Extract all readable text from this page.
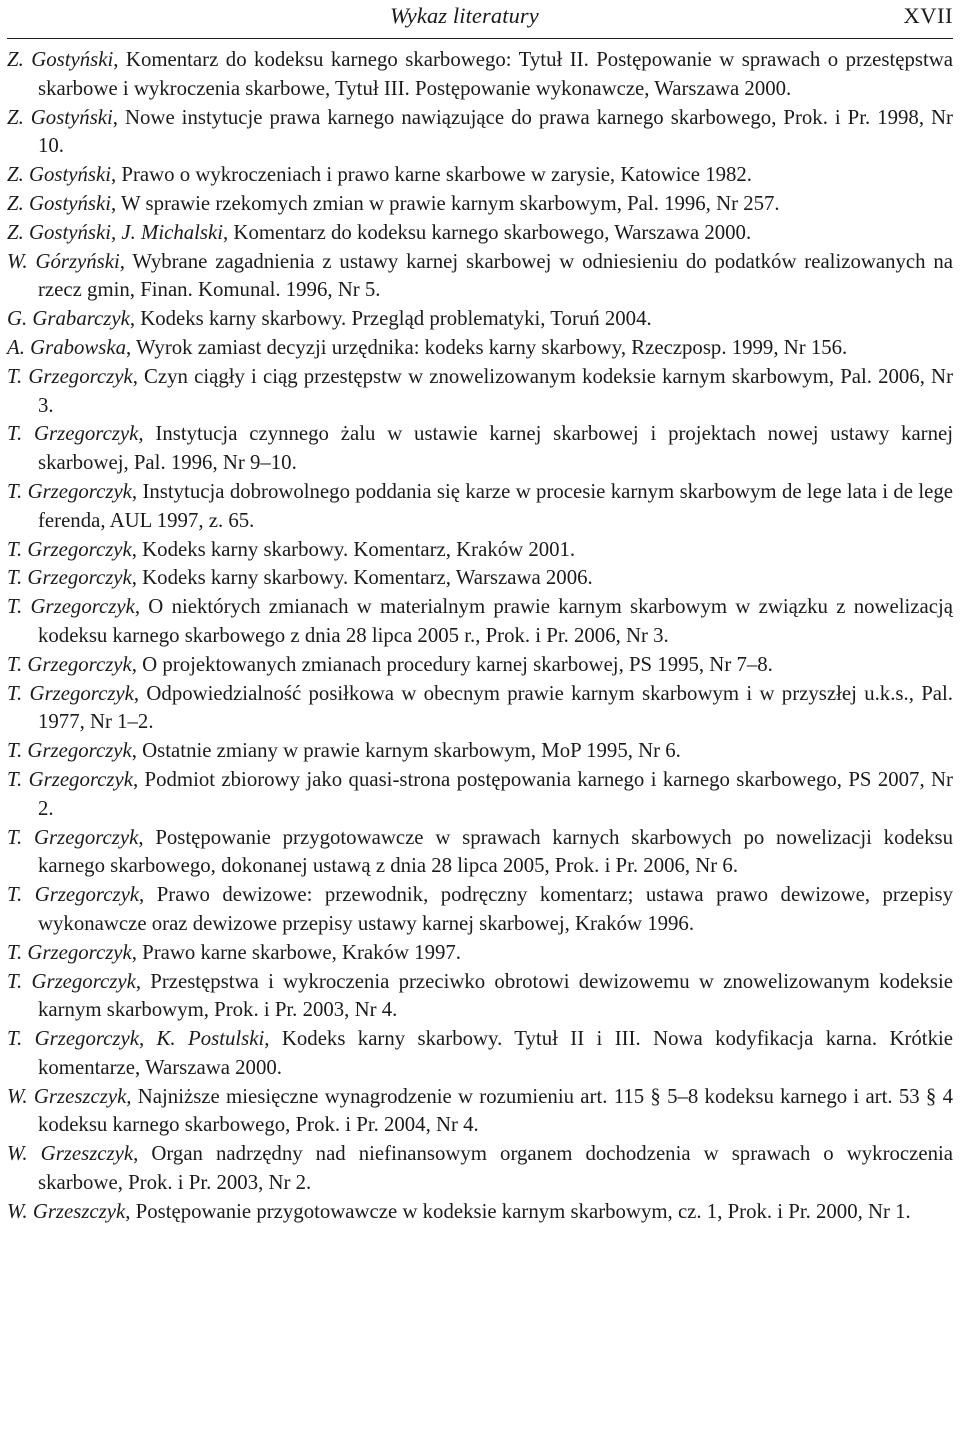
Wykaz literatury	XVII
Z. Gostyński, Komentarz do kodeksu karnego skarbowego: Tytuł II. Postępowanie w sprawach o przestępstwa skarbowe i wykroczenia skarbowe, Tytuł III. Postępowanie wykonawcze, Warszawa 2000.
Z. Gostyński, Nowe instytucje prawa karnego nawiązujące do prawa karnego skarbowego, Prok. i Pr. 1998, Nr 10.
Z. Gostyński, Prawo o wykroczeniach i prawo karne skarbowe w zarysie, Katowice 1982.
Z. Gostyński, W sprawie rzekomych zmian w prawie karnym skarbowym, Pal. 1996, Nr 257.
Z. Gostyński, J. Michalski, Komentarz do kodeksu karnego skarbowego, Warszawa 2000.
W. Górzyński, Wybrane zagadnienia z ustawy karnej skarbowej w odniesieniu do podatków realizowanych na rzecz gmin, Finan. Komunal. 1996, Nr 5.
G. Grabarczyk, Kodeks karny skarbowy. Przegląd problematyki, Toruń 2004.
A. Grabowska, Wyrok zamiast decyzji urzędnika: kodeks karny skarbowy, Rzeczposp. 1999, Nr 156.
T. Grzegorczyk, Czyn ciągły i ciąg przestępstw w znowelizowanym kodeksie karnym skarbowym, Pal. 2006, Nr 3.
T. Grzegorczyk, Instytucja czynnego żalu w ustawie karnej skarbowej i projektach nowej ustawy karnej skarbowej, Pal. 1996, Nr 9–10.
T. Grzegorczyk, Instytucja dobrowolnego poddania się karze w procesie karnym skarbowym de lege lata i de lege ferenda, AUL 1997, z. 65.
T. Grzegorczyk, Kodeks karny skarbowy. Komentarz, Kraków 2001.
T. Grzegorczyk, Kodeks karny skarbowy. Komentarz, Warszawa 2006.
T. Grzegorczyk, O niektórych zmianach w materialnym prawie karnym skarbowym w związku z nowelizacją kodeksu karnego skarbowego z dnia 28 lipca 2005 r., Prok. i Pr. 2006, Nr 3.
T. Grzegorczyk, O projektowanych zmianach procedury karnej skarbowej, PS 1995, Nr 7–8.
T. Grzegorczyk, Odpowiedzialność posiłkowa w obecnym prawie karnym skarbowym i w przyszłej u.k.s., Pal. 1977, Nr 1–2.
T. Grzegorczyk, Ostatnie zmiany w prawie karnym skarbowym, MoP 1995, Nr 6.
T. Grzegorczyk, Podmiot zbiorowy jako quasi-strona postępowania karnego i karnego skarbowego, PS 2007, Nr 2.
T. Grzegorczyk, Postępowanie przygotowawcze w sprawach karnych skarbowych po nowelizacji kodeksu karnego skarbowego, dokonanej ustawą z dnia 28 lipca 2005, Prok. i Pr. 2006, Nr 6.
T. Grzegorczyk, Prawo dewizowe: przewodnik, podręczny komentarz; ustawa prawo dewizowe, przepisy wykonawcze oraz dewizowe przepisy ustawy karnej skarbowej, Kraków 1996.
T. Grzegorczyk, Prawo karne skarbowe, Kraków 1997.
T. Grzegorczyk, Przestępstwa i wykroczenia przeciwko obrotowi dewizowemu w znowelizowanym kodeksie karnym skarbowym, Prok. i Pr. 2003, Nr 4.
T. Grzegorczyk, K. Postulski, Kodeks karny skarbowy. Tytuł II i III. Nowa kodyfikacja karna. Krótkie komentarze, Warszawa 2000.
W. Grzeszczyk, Najniższe miesięczne wynagrodzenie w rozumieniu art. 115 § 5–8 kodeksu karnego i art. 53 § 4 kodeksu karnego skarbowego, Prok. i Pr. 2004, Nr 4.
W. Grzeszczyk, Organ nadrzędny nad niefinansowym organem dochodzenia w sprawach o wykroczenia skarbowe, Prok. i Pr. 2003, Nr 2.
W. Grzeszczyk, Postępowanie przygotowawcze w kodeksie karnym skarbowym, cz. 1, Prok. i Pr. 2000, Nr 1.
